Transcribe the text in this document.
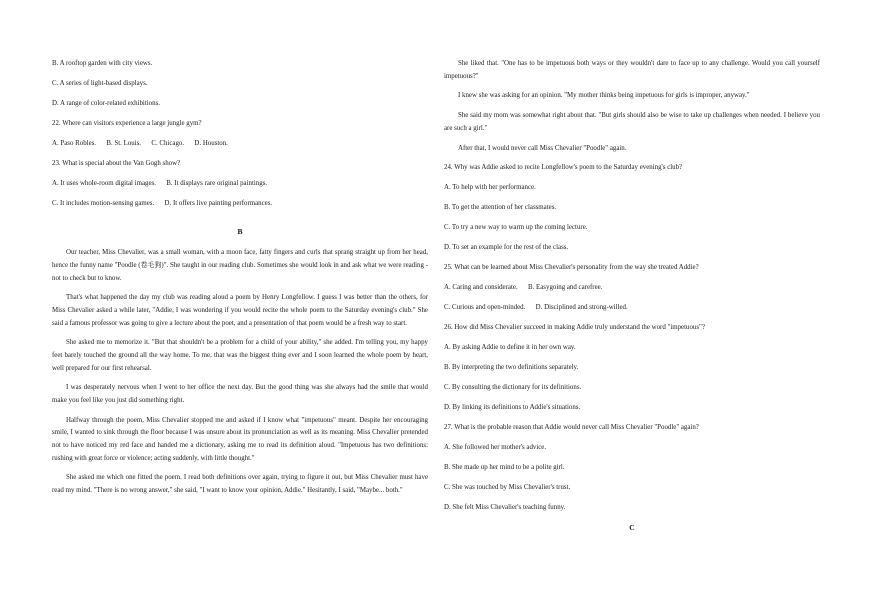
B. A rooftop garden with city views.

C. A series of light-based displays.

D. A range of color-related exhibitions.

22. Where can visitors experience a large jungle gym?

A. Paso Robles.      B. St. Louis.      C. Chicago.      D. Houston.

23. What is special about the Van Gogh show?

A. It uses whole-room digital images.      B. It displays rare original paintings.

C. It includes motion-sensing games.      D. It offers live painting performances.

B

Our teacher, Miss Chevalier, was a small woman, with a moon face, fatty fingers and curls that sprang straight up from her head, hence the funny name "Poodle (卷毛狗)". She taught in our reading club. Sometimes she would look in and ask what we were reading - not to check but to know.

That's what happened the day my club was reading aloud a poem by Henry Longfellow. I guess I was better than the others, for Miss Chevalier asked a while later, "Addie, I was wondering if you would recite the whole poem to the Saturday evening's club." She said a famous professor was going to give a lecture about the poet, and a presentation of that poem would be a fresh way to start.

She asked me to memorize it. "But that shouldn't be a problem for a child of your ability," she added. I'm telling you, my happy feet barely touched the ground all the way home. To me, that was the biggest thing ever and I soon learned the whole poem by heart, well prepared for our first rehearsal.

I was desperately nervous when I went to her office the next day. But the good thing was she always had the smile that would make you feel like you just did something right.

Halfway through the poem, Miss Chevalier stopped me and asked if I know what "impetuous" meant. Despite her encouraging smile, I wanted to sink through the floor because I was unsure about its pronunciation as well as its meaning. Miss Chevalier pretended not to have noticed my red face and handed me a dictionary, asking me to read its definition aloud. "Impetuous has two definitions: rushing with great force or violence; acting suddenly, with little thought."

She asked me which one fitted the poem. I read both definitions over again, trying to figure it out, but Miss Chevalier must have read my mind. "There is no wrong answer," she said, "I want to know your opinion, Addie." Hesitantly, I said, "Maybe... both."

She liked that. "One has to be impetuous both ways or they wouldn't dare to face up to any challenge. Would you call yourself impetuous?"

I knew she was asking for an opinion. "My mother thinks being impetuous for girls is improper, anyway."

She said my mom was somewhat right about that. "But girls should also be wise to take up challenges when needed. I believe you are such a girl."

After that, I would never call Miss Chevalier "Poodle" again.

24. Why was Addie asked to recite Longfellow's poem to the Saturday evening's club?

A. To help with her performance.

B. To get the attention of her classmates.

C. To try a new way to warm up the coming lecture.

D. To set an example for the rest of the class.

25. What can be learned about Miss Chevalier's personality from the way she treated Addie?

A. Caring and considerate.      B. Easygoing and carefree.

C. Curious and open-minded.      D. Disciplined and strong-willed.

26. How did Miss Chevalier succeed in making Addie truly understand the word "impetuous"?

A. By asking Addie to define it in her own way.

B. By interpreting the two definitions separately.

C. By consulting the dictionary for its definitions.

D. By linking its definitions to Addie's situations.

27. What is the probable reason that Addie would never call Miss Chevalier "Poodle" again?

A. She followed her mother's advice.

B. She made up her mind to be a polite girl.

C. She was touched by Miss Chevalier's trust.

D. She felt Miss Chevalier's teaching funny.

C
